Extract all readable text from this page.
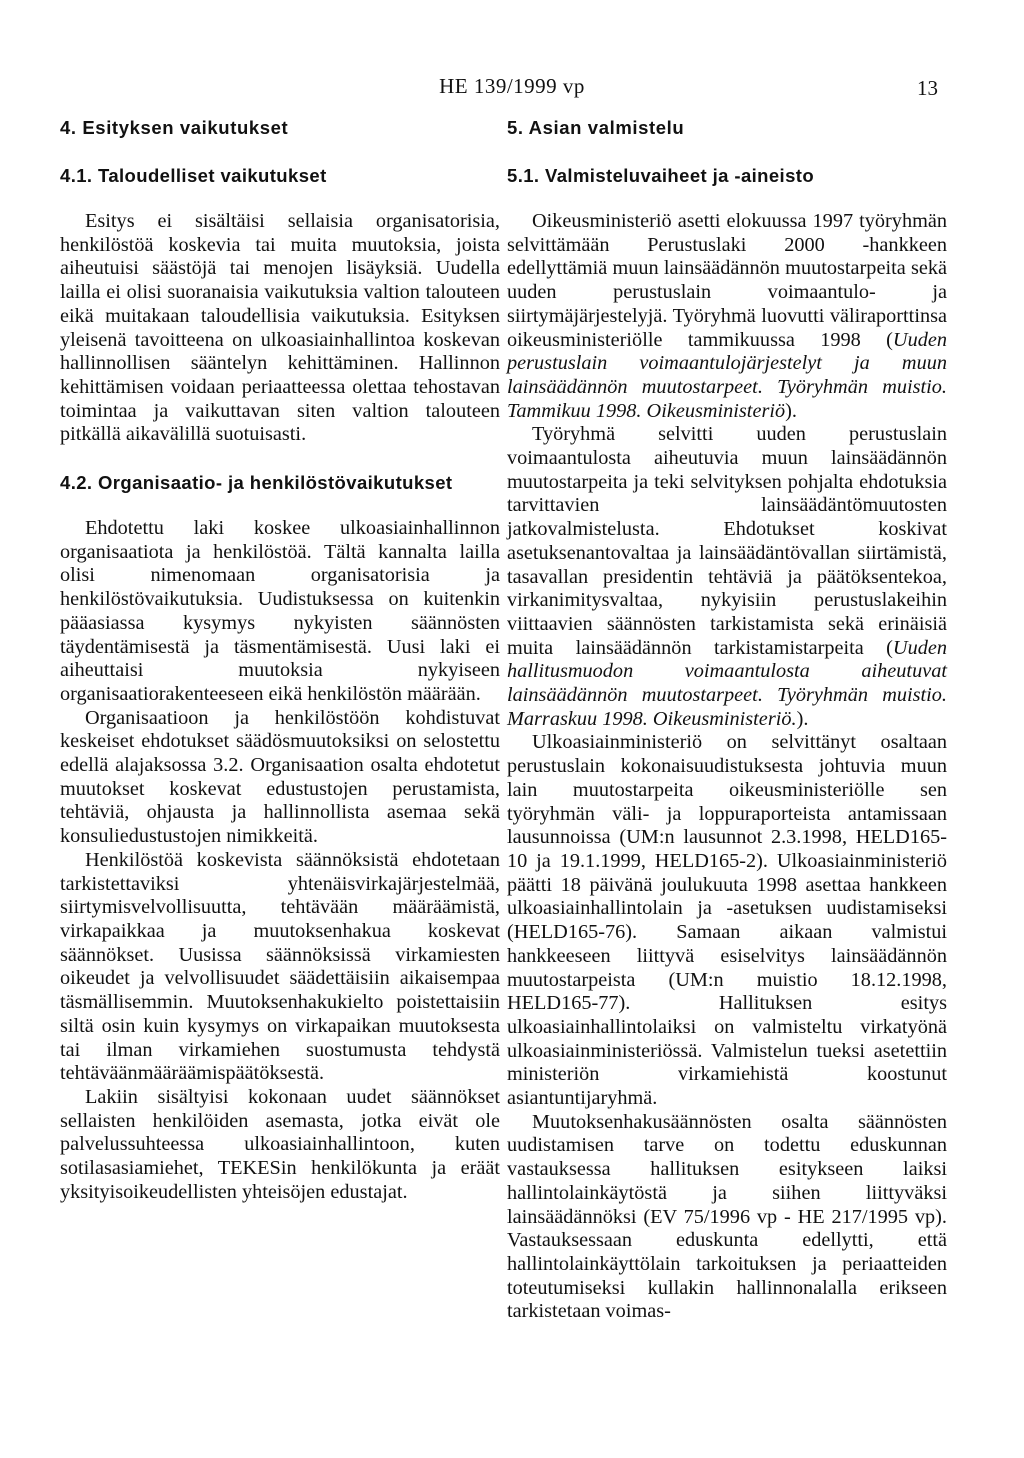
HE 139/1999 vp	13
4. Esityksen vaikutukset
4.1. Taloudelliset vaikutukset

Esitys ei sisältäisi sellaisia organisatorisia, henkilöstöä koskevia tai muita muutoksia, joista aiheutuisi säästöjä tai menojen lisäyksiä. Uudella lailla ei olisi suoranaisia vaikutuksia valtion talouteen eikä muitakaan taloudellisia vaikutuksia. Esityksen yleisenä tavoitteena on ulkoasiainhallintoa koskevan hallinnollisen sääntelyn kehittäminen. Hallinnon kehittämisen voidaan periaatteessa olettaa tehostavan toimintaa ja vaikuttavan siten valtion talouteen pitkällä aikavälillä suotuisasti.

4.2. Organisaatio- ja henkilöstövaikutukset

Ehdotettu laki koskee ulkoasiainhallinnon organisaatiota ja henkilöstöä. Tältä kannalta lailla olisi nimenomaan organisatorisia ja henkilöstövaikutuksia. Uudistuksessa on kuitenkin pääasiassa kysymys nykyisten säännösten täydentämisestä ja täsmentämisestä. Uusi laki ei aiheuttaisi muutoksia nykyiseen organisaatiorakenteeseen eikä henkilöstön määrään.

Organisaatioon ja henkilöstöön kohdistuvat keskeiset ehdotukset säädösmuutoksiksi on selostettu edellä alajaksossa 3.2. Organisaation osalta ehdotetut muutokset koskevat edustustojen perustamista, tehtäviä, ohjausta ja hallinnollista asemaa sekä konsuliedustustojen nimikkeitä.

Henkilöstöä koskevista säännöksistä ehdotetaan tarkistettaviksi yhtenäisvirkajärjestelmää, siirtymisvelvollisuutta, tehtävään määräämistä, virkapaikkaa ja muutoksenhakua koskevat säännökset. Uusissa säännöksissä virkamiesten oikeudet ja velvollisuudet säädettäisiin aikaisempaa täsmällisemmin. Muutoksenhakukielto poistettaisiin siltä osin kuin kysymys on virkapaikan muutoksesta tai ilman virkamiehen suostumusta tehdystä tehtäväänmääräämispäätöksestä.

Lakiin sisältyisi kokonaan uudet säännökset sellaisten henkilöiden asemasta, jotka eivät ole palvelussuhteessa ulkoasiainhallintoon, kuten sotilasasiamiehet, TEKESin henkilökunta ja eräät yksityisoikeudellisten yhteisöjen edustajat.

5. Asian valmistelu
5.1. Valmisteluvaiheet ja -aineisto

Oikeusministeriö asetti elokuussa 1997 työryhmän selvittämään Perustuslaki 2000 -hankkeen edellyttämiä muun lainsäädännön muutostarpeita sekä uuden perustuslain voimaantulo- ja siirtymäjärjestelyjä. Työryhmä luovutti väliraporttinsa oikeusministeriölle tammikuussa 1998 (Uuden perustuslain voimaantulojärjestelyt ja muun lainsäädännön muutostarpeet. Työryhmän muistio. Tammikuu 1998. Oikeusministeriö).

Työryhmä selvitti uuden perustuslain voimaantulosta aiheutuvia muun lainsäädännön muutostarpeita ja teki selvityksen pohjalta ehdotuksia tarvittavien lainsäädäntömuutosten jatkovalmistelusta. Ehdotukset koskivat asetuksenantovaltaa ja lainsäädäntövallan siirtämistä, tasavallan presidentin tehtäviä ja päätöksentekoa, virkanimitysvaltaa, nykyisiin perustuslakeihin viittaavien säännösten tarkistamista sekä erinäisiä muita lainsäädännön tarkistamistarpeita (Uuden hallitusmuodon voimaantulosta aiheutuvat lainsäädännön muutostarpeet. Työryhmän muistio. Marraskuu 1998. Oikeusministeriö.).

Ulkoasiainministeriö on selvittänyt osaltaan perustuslain kokonaisuudistuksesta johtuvia muun lain muutostarpeita oikeusministeriölle sen työryhmän väli- ja loppuraporteista antamissaan lausunnoissa (UM:n lausunnot 2.3.1998, HELD165-10 ja 19.1.1999, HELD165-2). Ulkoasiainministeriö päätti 18 päivänä joulukuuta 1998 asettaa hankkeen ulkoasiainhallintolain ja -asetuksen uudistamiseksi (HELD165-76). Samaan aikaan valmistui hankkeeseen liittyvä esiselvitys lainsäädännön muutostarpeista (UM:n muistio 18.12.1998, HELD165-77). Hallituksen esitys ulkoasiainhallintolaiksi on valmisteltu virkatyönä ulkoasiainministeriössä. Valmistelun tueksi asetettiin ministeriön virkamiehistä koostunut asiantuntijaryhmä.

Muutoksenhakusäännösten osalta säännösten uudistamisen tarve on todettu eduskunnan vastauksessa hallituksen esitykseen laiksi hallintolainkäytöstä ja siihen liittyväksi lainsäädännöksi (EV 75/1996 vp - HE 217/1995 vp). Vastauksessaan eduskunta edellytti, että hallintolainkäyttölain tarkoituksen ja periaatteiden toteutumiseksi kullakin hallinnonalalla erikseen tarkistetaan voimas-
